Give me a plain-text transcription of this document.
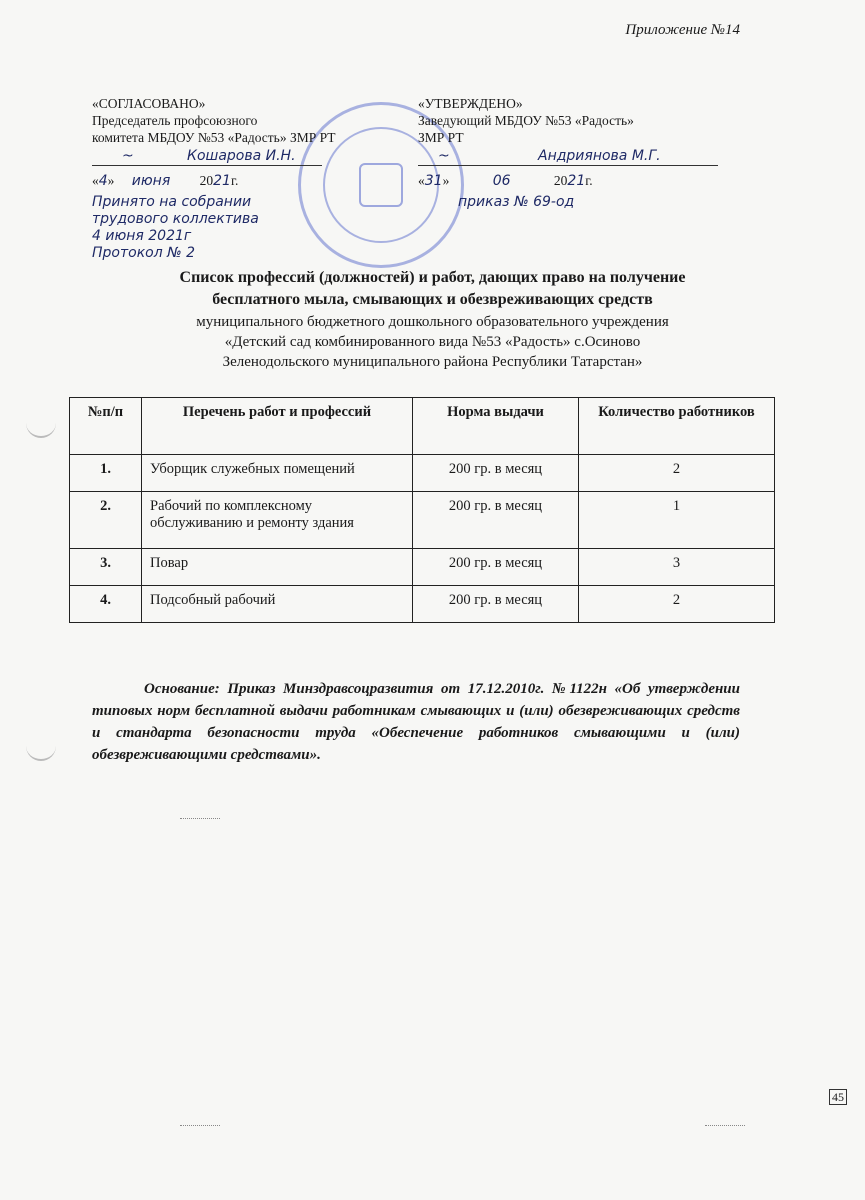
Приложение №14
«СОГЛАСОВАНО»
Председатель профсоюзного
комитета МБДОУ №53 «Радость» ЗМР РТ
~	Кошарова И.Н.
«4» июня 2021г.
Принято на собрании
трудового коллектива
4 июня 2021г
Протокол № 2
«УТВЕРЖДЕНО»
Заведующий МБДОУ №53 «Радость»
ЗМР РТ
~	Андриянова М.Г.
«31»	06	2021г.
приказ № 69-од
Список профессий (должностей) и работ, дающих право на получение
бесплатного мыла, смывающих и обезвреживающих средств
муниципального бюджетного дошкольного образовательного учреждения
«Детский сад комбинированного вида №53 «Радость» с.Осиново
Зеленодольского муниципального района Республики Татарстан»
№п/п	Перечень работ и профессий	Норма выдачи	Количество работников
1.	Уборщик служебных помещений	200 гр. в месяц	2
2.	Рабочий по комплексному обслуживанию и ремонту здания	200 гр. в месяц	1
3.	Повар	200 гр. в месяц	3
4.	Подсобный рабочий	200 гр. в месяц	2
Основание: Приказ Минздравсоцразвития от 17.12.2010г. №1122н «Об утверждении типовых норм бесплатной выдачи работникам смывающих и (или) обезвреживающих средств и стандарта безопасности труда «Обеспечение работников смывающими и (или) обезвреживающими средствами».
45
